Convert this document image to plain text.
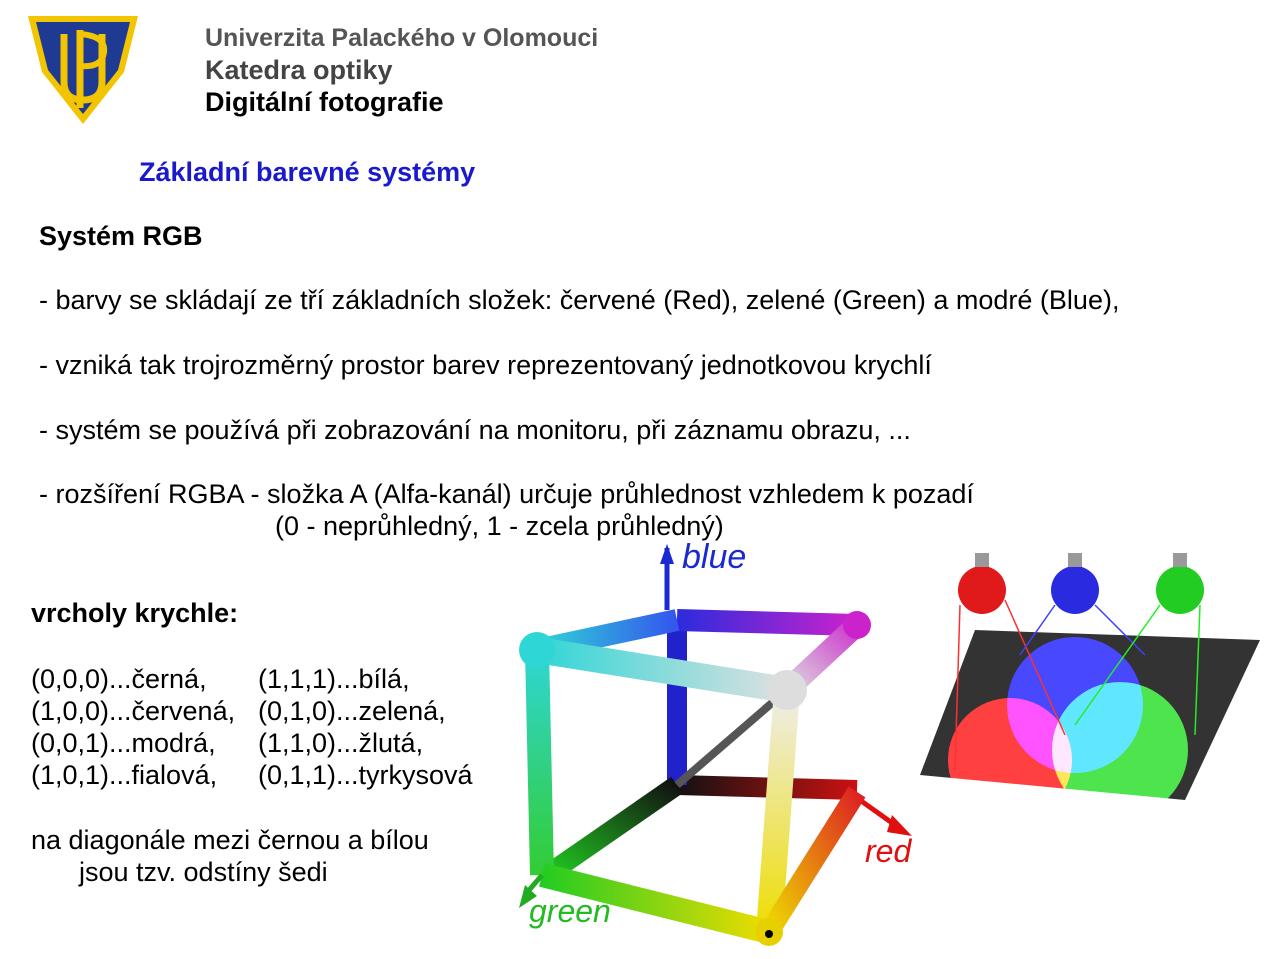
Univerzita Palackého v Olomouci
Katedra optiky
Digitální fotografie
Základní barevné systémy
Systém RGB
- barvy se skládají ze tří základních složek: červené (Red), zelené (Green) a modré (Blue),
- vzniká tak trojrozměrný prostor barev reprezentovaný jednotkovou krychlí
- systém se používá při zobrazování na monitoru, při záznamu obrazu, ...
- rozšíření RGBA - složka A (Alfa-kanál) určuje průhlednost vzhledem k pozadí
(0 - neprůhledný, 1 - zcela průhledný)
vrcholy krychle:
(0,0,0)...černá, (1,1,1)...bílá,
(1,0,0)...červená, (0,1,0)...zelená,
(0,0,1)...modrá, (1,1,0)...žlutá,
(1,0,1)...fialová, (0,1,1)...tyrkysová
na diagonále mezi černou a bílou
jsou tzv. odstíny šedi
blue
red
green
